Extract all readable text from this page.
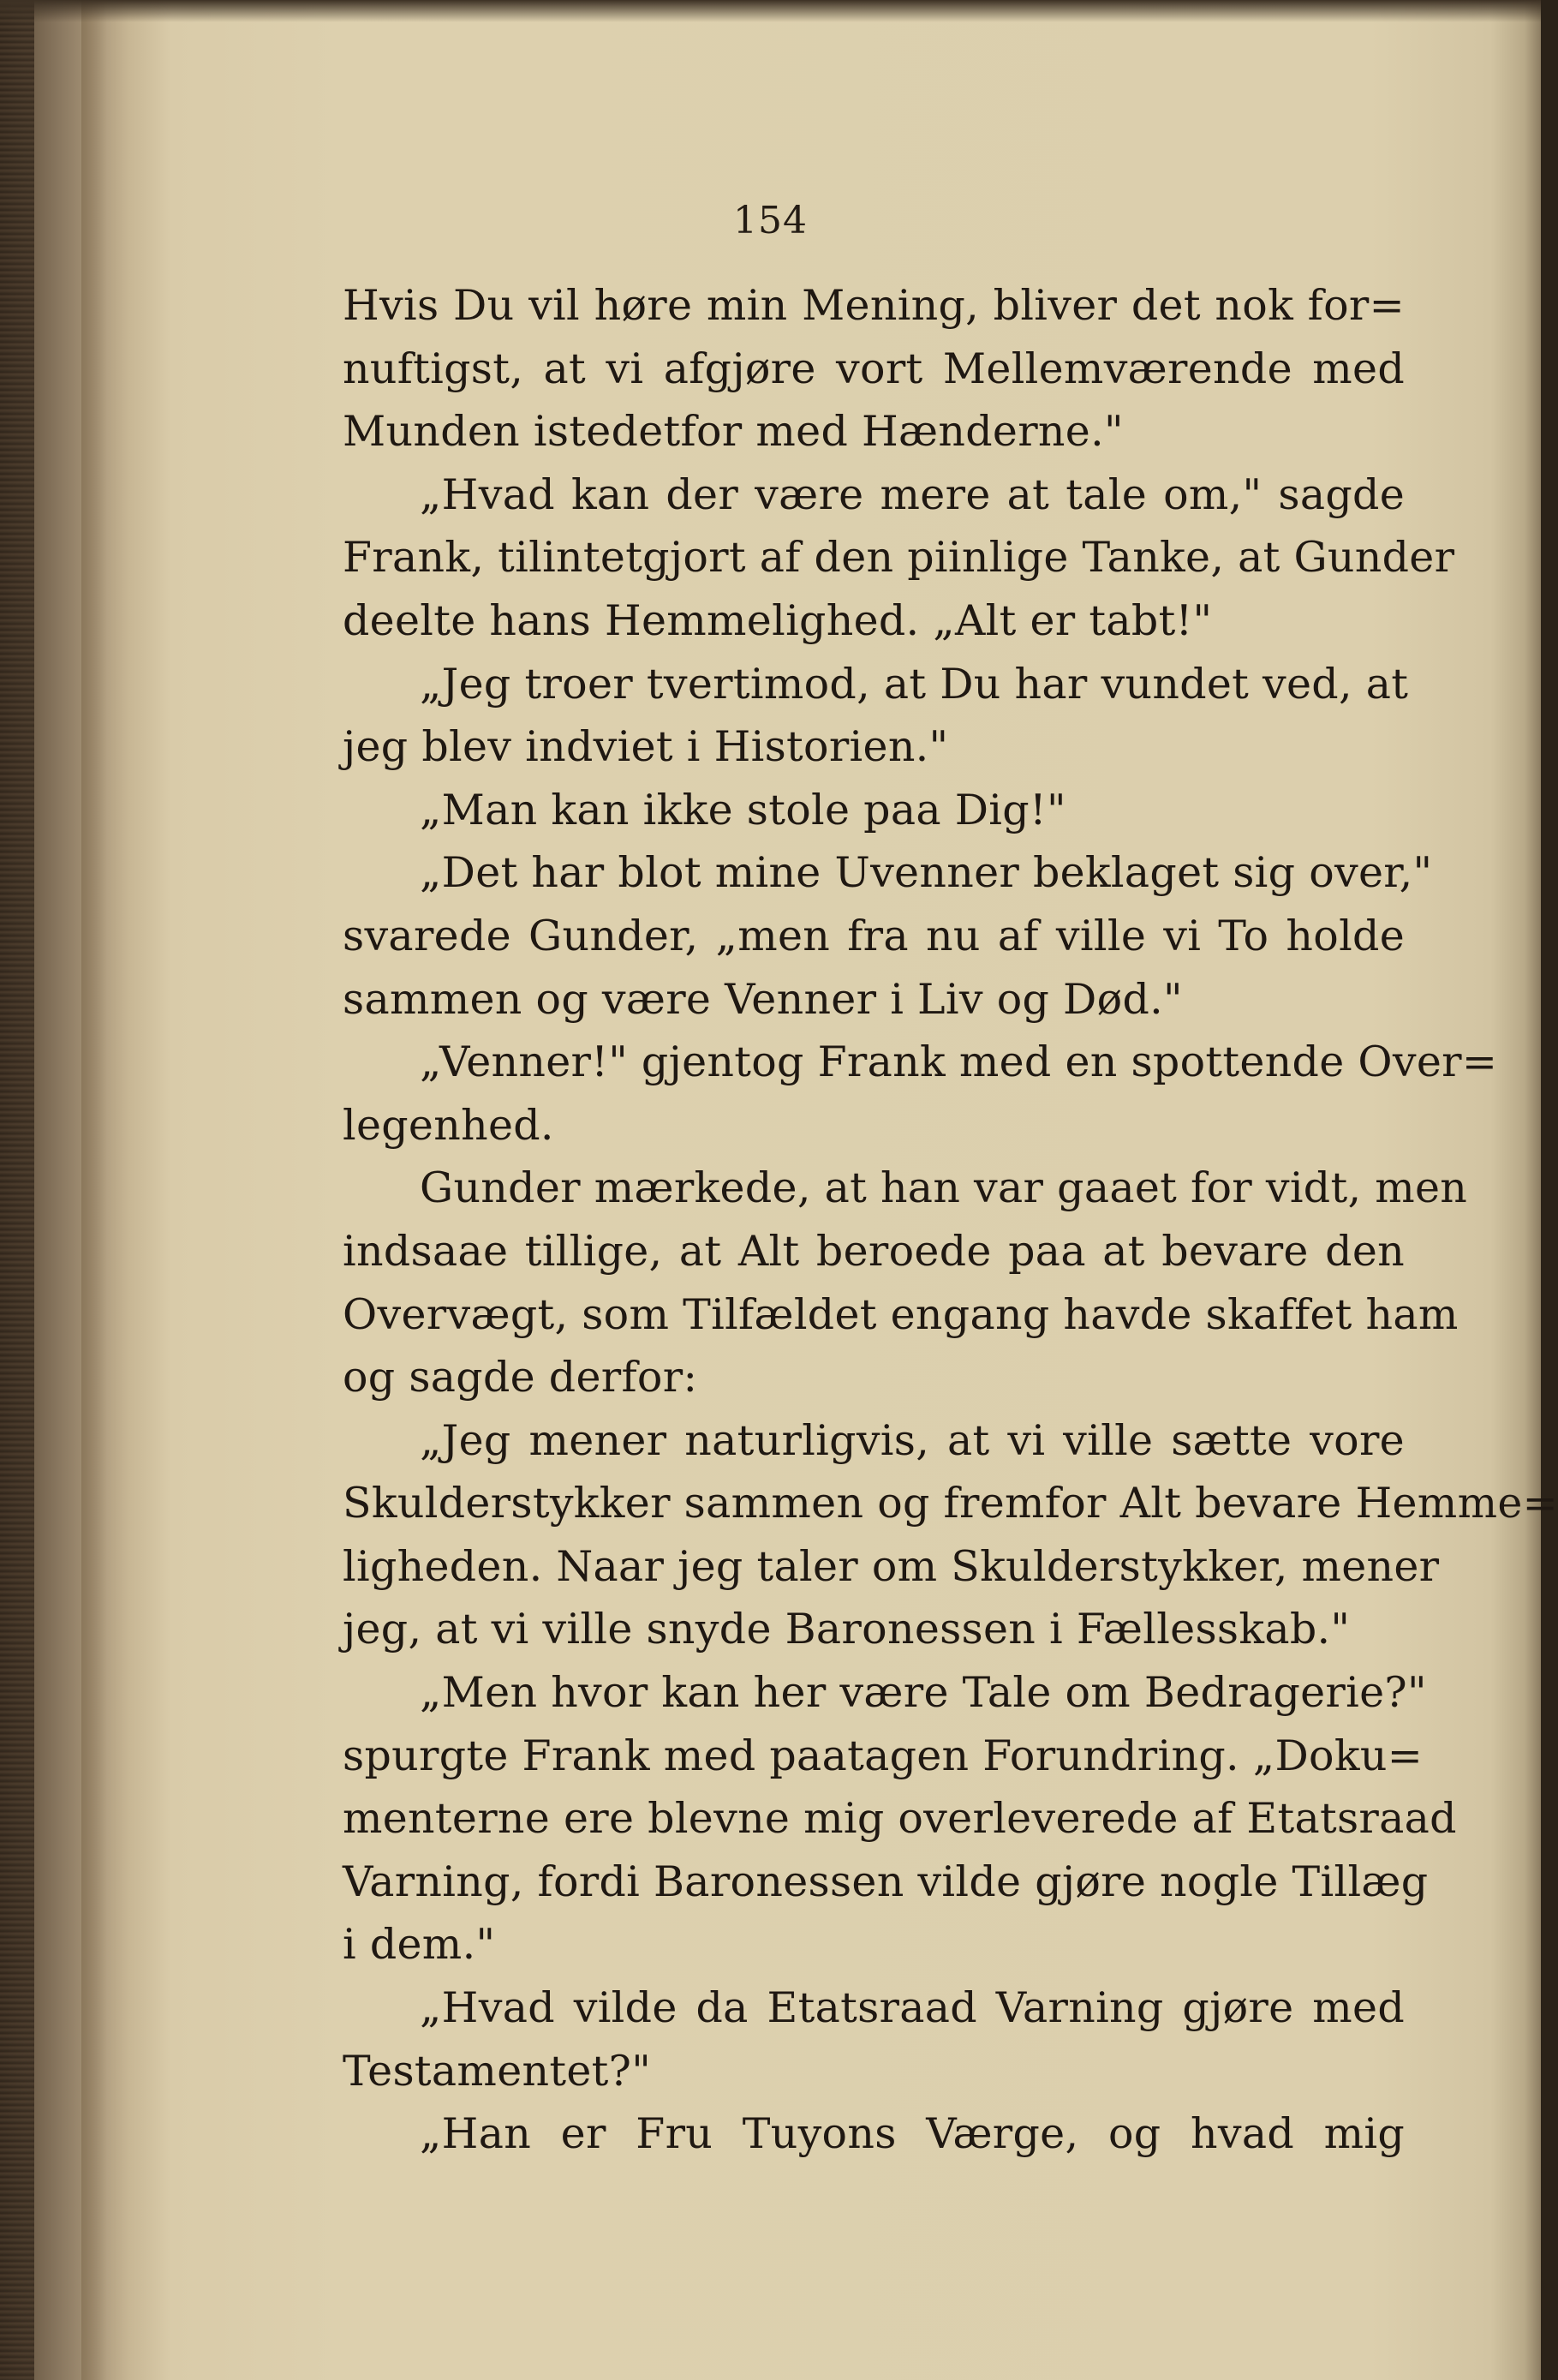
154
Hvis Du vil høre min Mening, bliver det nok for=
nuftigst, at vi afgjøre vort Mellemværende med
Munden istedetfor med Hænderne."
„Hvad kan der være mere at tale om," sagde
Frank, tilintetgjort af den piinlige Tanke, at Gunder
deelte hans Hemmelighed. „Alt er tabt!"
„Jeg troer tvertimod, at Du har vundet ved, at
jeg blev indviet i Historien."
„Man kan ikke stole paa Dig!"
„Det har blot mine Uvenner beklaget sig over,"
svarede Gunder, „men fra nu af ville vi To holde
sammen og være Venner i Liv og Død."
„Venner!" gjentog Frank med en spottende Over=
legenhed.
Gunder mærkede, at han var gaaet for vidt, men
indsaae tillige, at Alt beroede paa at bevare den
Overvægt, som Tilfældet engang havde skaffet ham
og sagde derfor:
„Jeg mener naturligvis, at vi ville sætte vore
Skulderstykker sammen og fremfor Alt bevare Hemme=
ligheden. Naar jeg taler om Skulderstykker, mener
jeg, at vi ville snyde Baronessen i Fællesskab."
„Men hvor kan her være Tale om Bedragerie?"
spurgte Frank med paatagen Forundring. „Doku=
menterne ere blevne mig overleverede af Etatsraad
Varning, fordi Baronessen vilde gjøre nogle Tillæg
i dem."
„Hvad vilde da Etatsraad Varning gjøre med
Testamentet?"
„Han er Fru Tuyons Værge, og hvad mig
